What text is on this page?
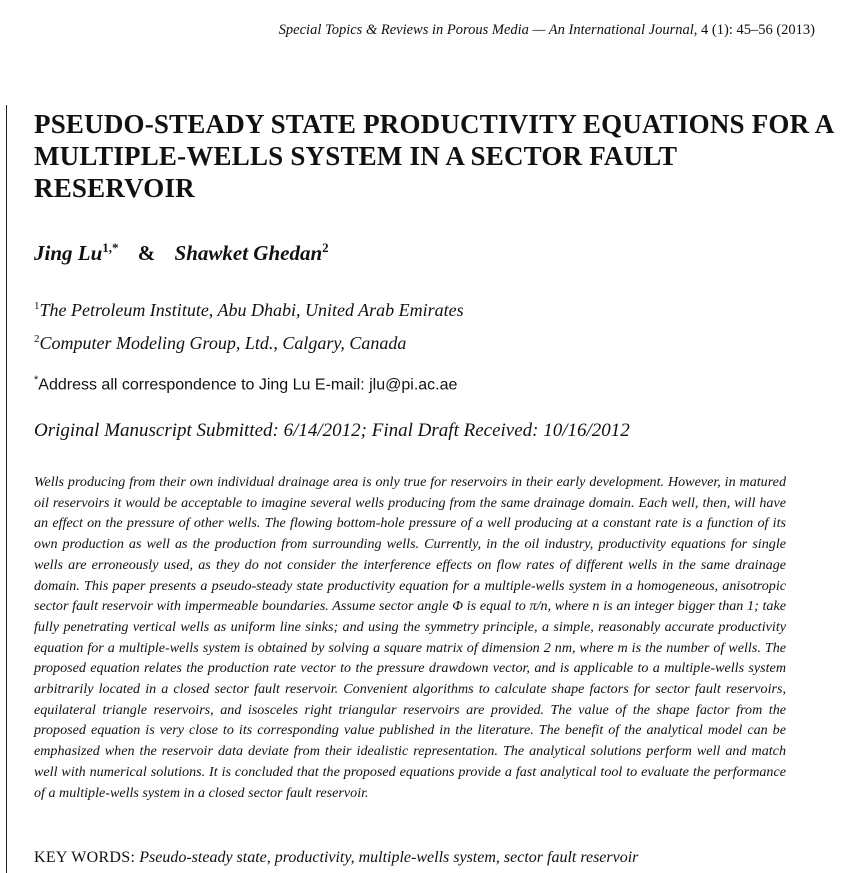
Special Topics & Reviews in Porous Media — An International Journal, 4 (1): 45–56 (2013)
PSEUDO-STEADY STATE PRODUCTIVITY EQUATIONS FOR A MULTIPLE-WELLS SYSTEM IN A SECTOR FAULT RESERVOIR
Jing $Lu^{1,*}$ & Shawket Ghedan$^2$
$^1$The Petroleum Institute, Abu Dhabi, United Arab Emirates
$^2$Computer Modeling Group, Ltd., Calgary, Canada
*Address all correspondence to Jing Lu E-mail: jlu@pi.ac.ae
Original Manuscript Submitted: 6/14/2012; Final Draft Received: 10/16/2012

Wells producing from their own individual drainage area is only true for reservoirs in their early development. However, in matured oil reservoirs it would be acceptable to imagine several wells producing from the same drainage domain. Each well, then, will have an effect on the pressure of other wells. The flowing bottom-hole pressure of a well producing at a constant rate is a function of its own production as well as the production from surrounding wells. Currently, in the oil industry, productivity equations for single wells are erroneously used, as they do not consider the interference effects on flow rates of different wells in the same drainage domain. This paper presents a pseudo-steady state productivity equation for a multiple-wells system in a homogeneous, anisotropic sector fault reservoir with impermeable boundaries. Assume sector angle Φ is equal to π/n, where n is an integer bigger than 1; take fully penetrating vertical wells as uniform line sinks; and using the symmetry principle, a simple, reasonably accurate productivity equation for a multiple-wells system is obtained by solving a square matrix of dimension 2 nm, where m is the number of wells. The proposed equation relates the production rate vector to the pressure drawdown vector, and is applicable to a multiple-wells system arbitrarily located in a closed sector fault reservoir. Convenient algorithms to calculate shape factors for sector fault reservoirs, equilateral triangle reservoirs, and isosceles right triangular reservoirs are provided. The value of the shape factor from the proposed equation is very close to its corresponding value published in the literature. The benefit of the analytical model can be emphasized when the reservoir data deviate from their idealistic representation. The analytical solutions perform well and match well with numerical solutions. It is concluded that the proposed equations provide a fast analytical tool to evaluate the performance of a multiple-wells system in a closed sector fault reservoir.

KEY WORDS: Pseudo-steady state, productivity, multiple-wells system, sector fault reservoir
